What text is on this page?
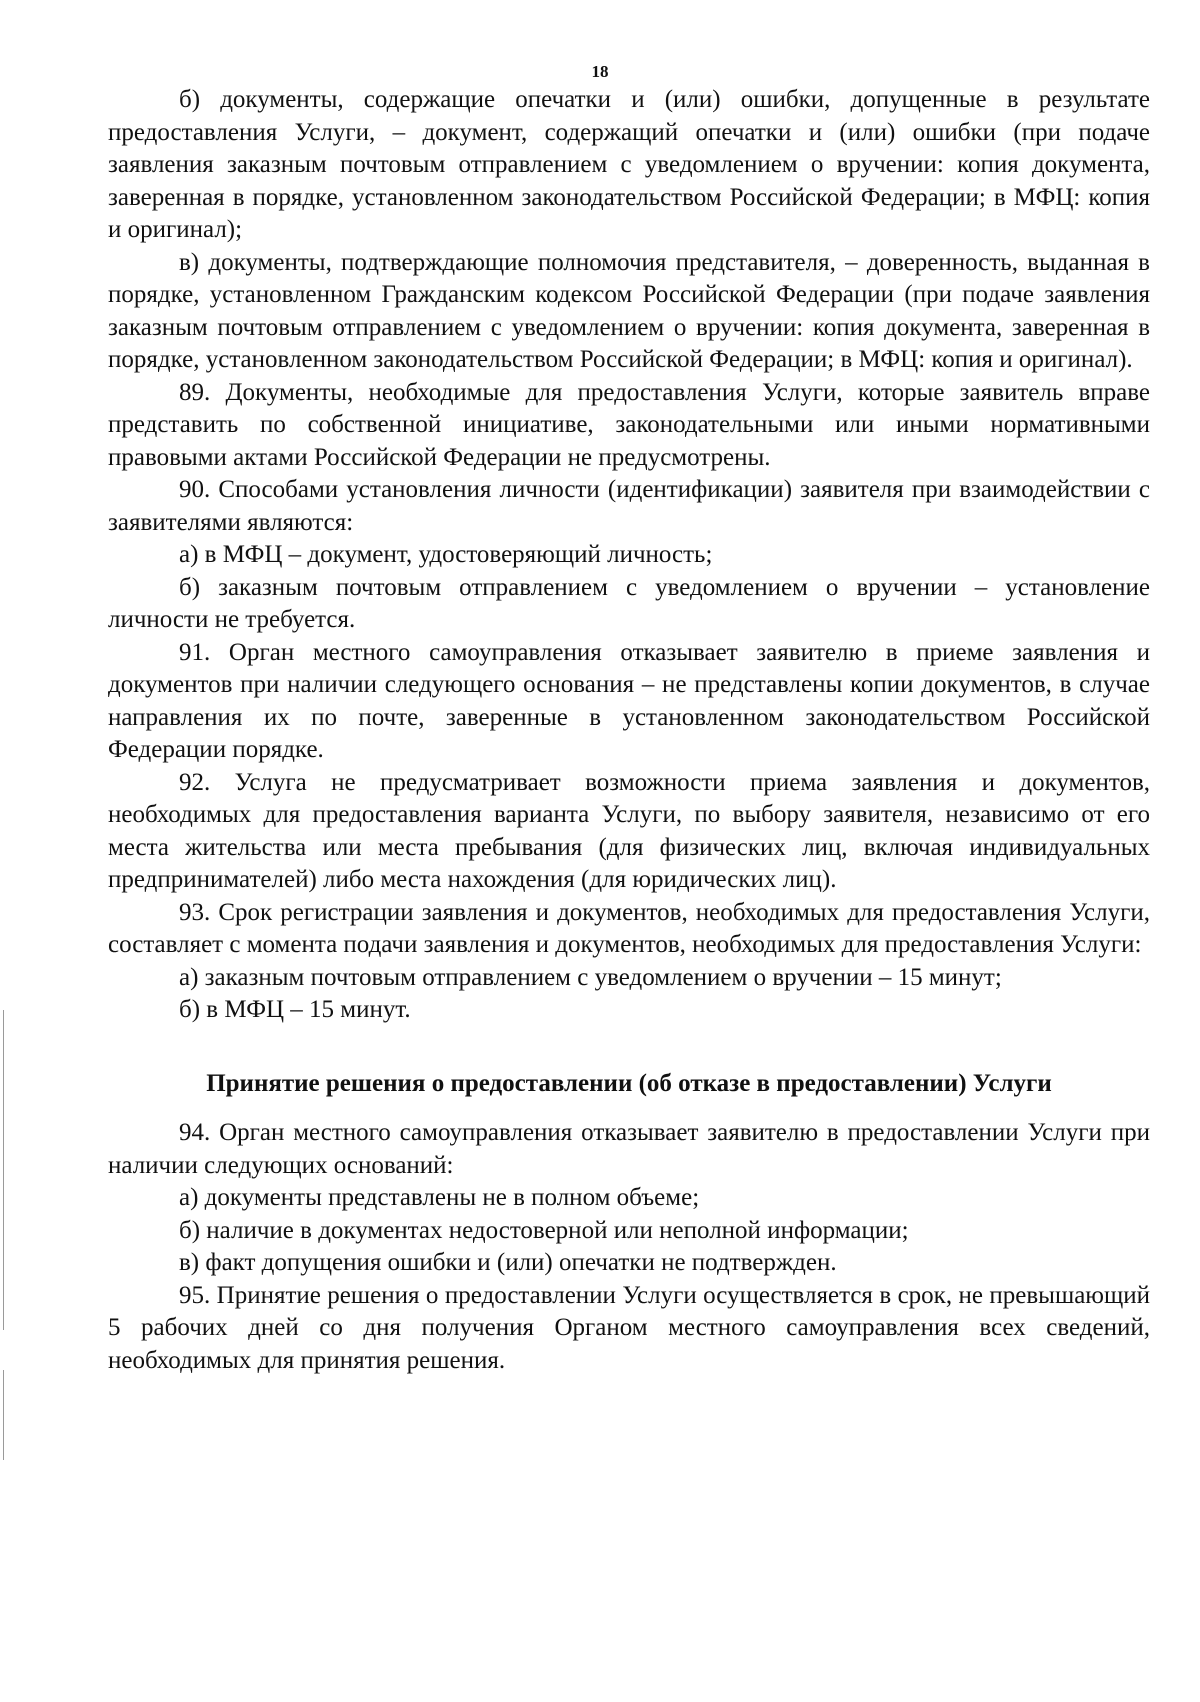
18

б) документы, содержащие опечатки и (или) ошибки, допущенные в результате предоставления Услуги, – документ, содержащий опечатки и (или) ошибки (при подаче заявления заказным почтовым отправлением с уведомлением о вручении: копия документа, заверенная в порядке, установленном законодательством Российской Федерации; в МФЦ: копия и оригинал);

в) документы, подтверждающие полномочия представителя, – доверенность, выданная в порядке, установленном Гражданским кодексом Российской Федерации (при подаче заявления заказным почтовым отправлением с уведомлением о вручении: копия документа, заверенная в порядке, установленном законодательством Российской Федерации; в МФЦ: копия и оригинал).

89. Документы, необходимые для предоставления Услуги, которые заявитель вправе представить по собственной инициативе, законодательными или иными нормативными правовыми актами Российской Федерации не предусмотрены.

90. Способами установления личности (идентификации) заявителя при взаимодействии с заявителями являются:

а) в МФЦ – документ, удостоверяющий личность;

б) заказным почтовым отправлением с уведомлением о вручении – установление личности не требуется.

91. Орган местного самоуправления отказывает заявителю в приеме заявления и документов при наличии следующего основания – не представлены копии документов, в случае направления их по почте, заверенные в установленном законодательством Российской Федерации порядке.

92. Услуга не предусматривает возможности приема заявления и документов, необходимых для предоставления варианта Услуги, по выбору заявителя, независимо от его места жительства или места пребывания (для физических лиц, включая индивидуальных предпринимателей) либо места нахождения (для юридических лиц).

93. Срок регистрации заявления и документов, необходимых для предоставления Услуги, составляет с момента подачи заявления и документов, необходимых для предоставления Услуги:

а) заказным почтовым отправлением с уведомлением о вручении – 15 минут;

б) в МФЦ – 15 минут.

Принятие решения о предоставлении (об отказе в предоставлении) Услуги

94. Орган местного самоуправления отказывает заявителю в предоставлении Услуги при наличии следующих оснований:

а) документы представлены не в полном объеме;

б) наличие в документах недостоверной или неполной информации;

в) факт допущения ошибки и (или) опечатки не подтвержден.

95. Принятие решения о предоставлении Услуги осуществляется в срок, не превышающий 5 рабочих дней со дня получения Органом местного самоуправления всех сведений, необходимых для принятия решения.
